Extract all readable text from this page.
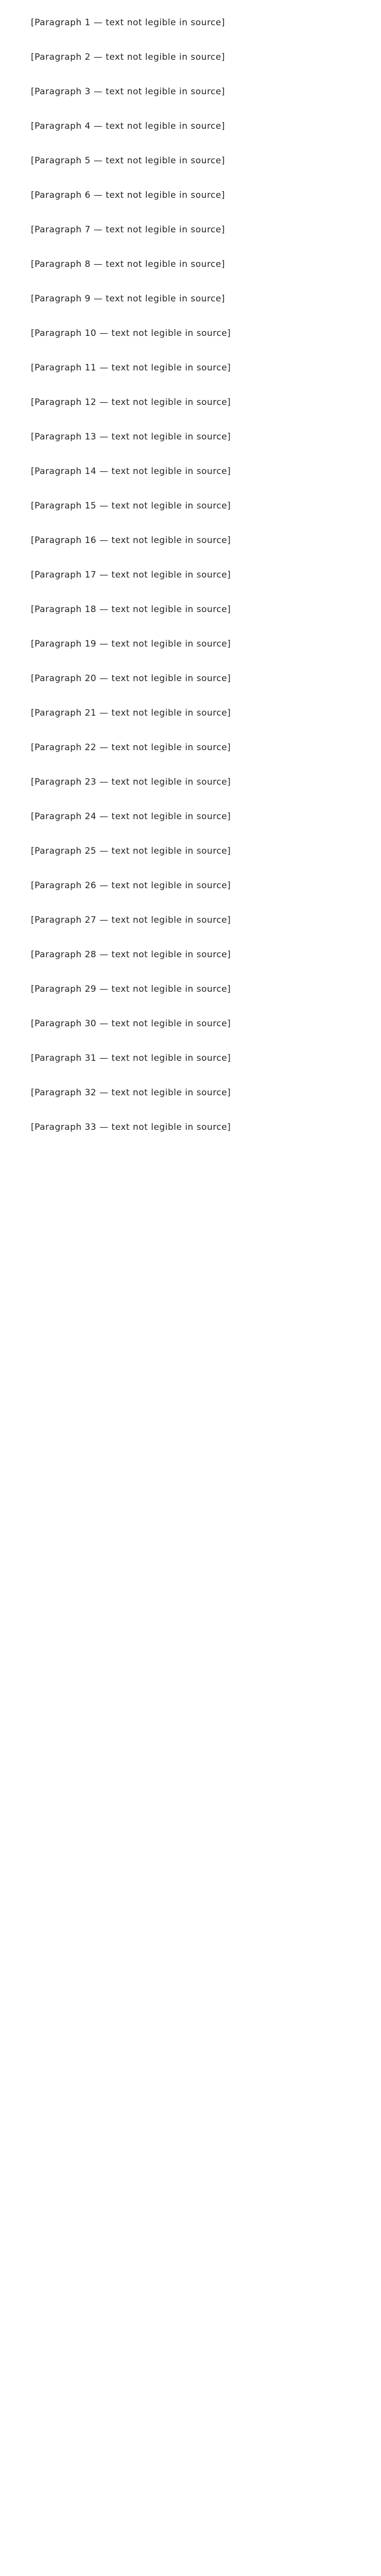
[Paragraph 1 — text not legible in source]

[Paragraph 2 — text not legible in source]

[Paragraph 3 — text not legible in source]

[Paragraph 4 — text not legible in source]

[Paragraph 5 — text not legible in source]

[Paragraph 6 — text not legible in source]

[Paragraph 7 — text not legible in source]

[Paragraph 8 — text not legible in source]

[Paragraph 9 — text not legible in source]

[Paragraph 10 — text not legible in source]

[Paragraph 11 — text not legible in source]

[Paragraph 12 — text not legible in source]

[Paragraph 13 — text not legible in source]

[Paragraph 14 — text not legible in source]

[Paragraph 15 — text not legible in source]

[Paragraph 16 — text not legible in source]

[Paragraph 17 — text not legible in source]

[Paragraph 18 — text not legible in source]

[Paragraph 19 — text not legible in source]

[Paragraph 20 — text not legible in source]

[Paragraph 21 — text not legible in source]

[Paragraph 22 — text not legible in source]

[Paragraph 23 — text not legible in source]

[Paragraph 24 — text not legible in source]

[Paragraph 25 — text not legible in source]

[Paragraph 26 — text not legible in source]

[Paragraph 27 — text not legible in source]

[Paragraph 28 — text not legible in source]

[Paragraph 29 — text not legible in source]

[Paragraph 30 — text not legible in source]

[Paragraph 31 — text not legible in source]

[Paragraph 32 — text not legible in source]

[Paragraph 33 — text not legible in source]
